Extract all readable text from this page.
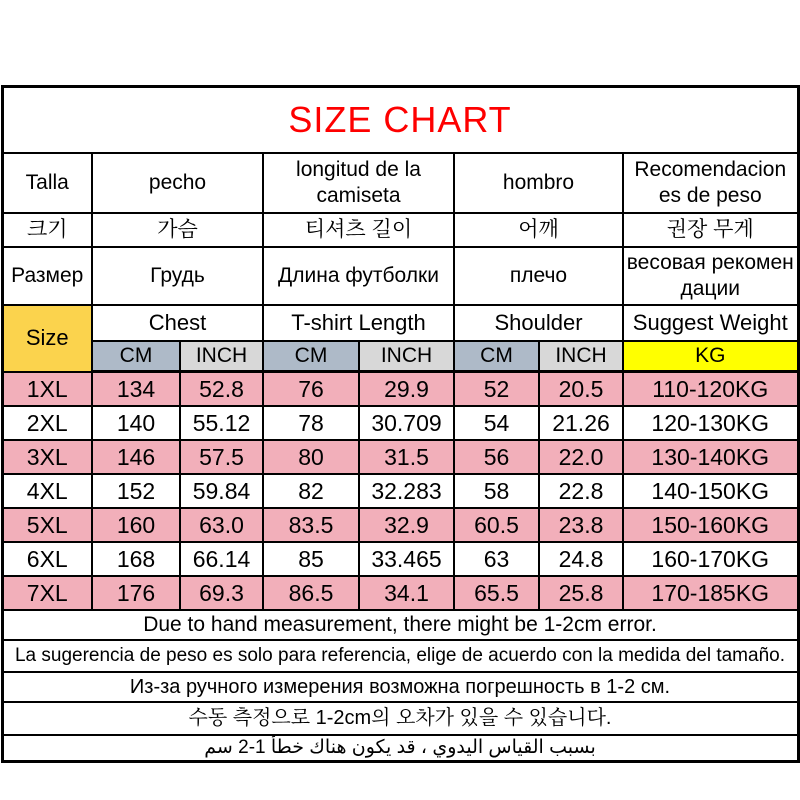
SIZE CHART							
Talla	pecho		longitud de la camiseta		hombro		Recomendacion es de peso
크기	가슴		티셔츠 길이		어깨		권장 무게
Размер	Грудь		Длина футболки		плечо		весовая рекомендации
Size	Chest		T-shirt Length		Shoulder		Suggest Weight
	CM	INCH	CM	INCH	CM	INCH	KG
1XL	134	52.8	76	29.9	52	20.5	110-120KG
2XL	140	55.12	78	30.709	54	21.26	120-130KG
3XL	146	57.5	80	31.5	56	22.0	130-140KG
4XL	152	59.84	82	32.283	58	22.8	140-150KG
5XL	160	63.0	83.5	32.9	60.5	23.8	150-160KG
6XL	168	66.14	85	33.465	63	24.8	160-170KG
7XL	176	69.3	86.5	34.1	65.5	25.8	170-185KG
Due to hand measurement, there might be 1-2cm error.							
La sugerencia de peso es solo para referencia, elige de acuerdo con la medida del tamaño.							
Из-за ручного измерения возможна погрешность в 1-2 см.							
수동 측정으로 1-2cm의 오차가 있을 수 있습니다.							
بسبب القياس اليدوي ، قد يكون هناك خطأ 1-2 سم							
